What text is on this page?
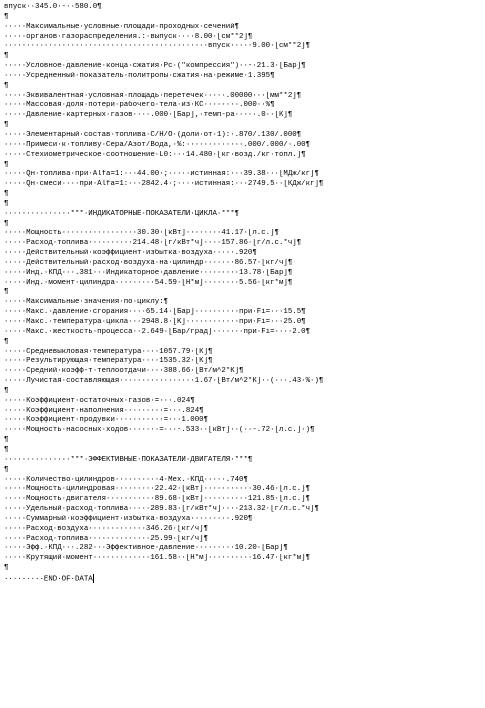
впуск··345.0·-··580.0¶
¶
·····Максимальные·условные·площади·проходных·сечений¶
·····органов·газораспределения.:·выпуск····8.00·[см**2]¶
··············································впуск·····9.00·[см**2]¶
¶
·····Условное·давление·конца·сжатия·Рс·("компрессия")··-·21.3·[Бар]¶
·····Усредненный·показатель·политропы·сжатия·на·режиме·1.395¶
¶
·····Эквивалентная·условная·площадь·перетечек·····.00000···[мм**2]¶
·····Массовая·доля·потери·рабочего·тела·из·КС········.000··%¶
·····Давление·картерных·газов····.000·[Бар],·темп-ра·····.0··[К]¶
¶
·····Элементарный·состав·топлива·С/Н/О·(доли·от·1):·.870/.130/.000¶
·····Примеси·к·топливу·Сера/Азот/Вода,·%:·············.000/.000/·.00¶
·····Стехиометрическое·соотношение·L0:···14.480·[кг·возд./кг·топл.]¶
¶
·····Qн·топлива·при·Alfa=1:···44.00·;·····истинная:···39.38···[МДж/кг]¶
·····Qн·смеси····при·Alfa=1:···2842.4·;····истинная:···2749.5··[КДж/кг]¶
¶
¶
···············***·ИНДИКАТОРНЫЕ·ПОКАЗАТЕЛИ·ЦИКЛА·***¶
¶
·····Мощность·················30.30·[кВт]········41.17·[л.с.]¶
·····Расход·топлива··········214.48·[г/кВт*ч]····157.86·[г/л.с.*ч]¶
·····Действительный·коэффициент·избытка·воздуха·····.920¶
·····Действительный·расход·воздуха·на·цилиндр·······86.57·[кг/ч]¶
·····Инд.·КПД···.381···Индикаторное·давление·········13.78·[Бар]¶
·····Инд.·момент·цилиндра·········54.59·[Н*м]········5.56·[кг*м]¶
¶
·····Максимальные·значения·по·циклу:¶
·····Макс.·давление·сгорания····65.14·[Бар]··········при·Fi=···15.5¶
·····Макс.·температура·цикла···2948.8·[K]············при·Fi=···25.0¶
·····Макс.·жесткость·процесса··2.649·[Бар/град]·······при·Fi=····2.0¶
¶
·····Средневыкловая·температура····1057.79·[К]¶
·····Результирующая·температура····1535.32·[К]¶
·····Средний·коэфф-т·теплоотдачи····388.66·[Вт/м^2*К]¶
·····Лучистая·составляющая·················1.67·[Вт/м^2*К]··(···.43·%·)¶
¶
·····Коэффициент·остаточных·газов·=···.024¶
·····Коэффициент·наполнения·········=···.824¶
·····Коэффициент·продувки···········=···1.000¶
·····Мощность·насосных·ходов·······=···-.533··[кВт]··(··-.72·[л.с.]·)¶
¶
¶
···············***·ЭФФЕКТИВНЫЕ·ПОКАЗАТЕЛИ·ДВИГАТЕЛЯ·***¶
¶
·····Количество·цилиндров··········4·Мех.·КПД·····.740¶
·····Мощность·цилиндровая·········22.42·[кВт]···········30.46·[л.с.]¶
·····Мощность·двигателя···········89.68·[кВт]··········121.85·[л.с.]¶
·····Удельный·расход·топлива·····289.83·[г/кВт*ч]····213.32·[г/л.с.*ч]¶
·····Суммарный·коэффициент·избытка·воздуха·········.920¶
·····Расход·воздуха·············346.26·[кг/ч]¶
·····Расход·топлива··············25.99·[кг/ч]¶
·····Эфф.·КПД···.282···Эффективное·давление·········10.20·[Бар]¶
·····Крутящий·момент·············161.58··[Н*м]··········16.47·[кг*м]¶
¶
·········END·OF·DATA
